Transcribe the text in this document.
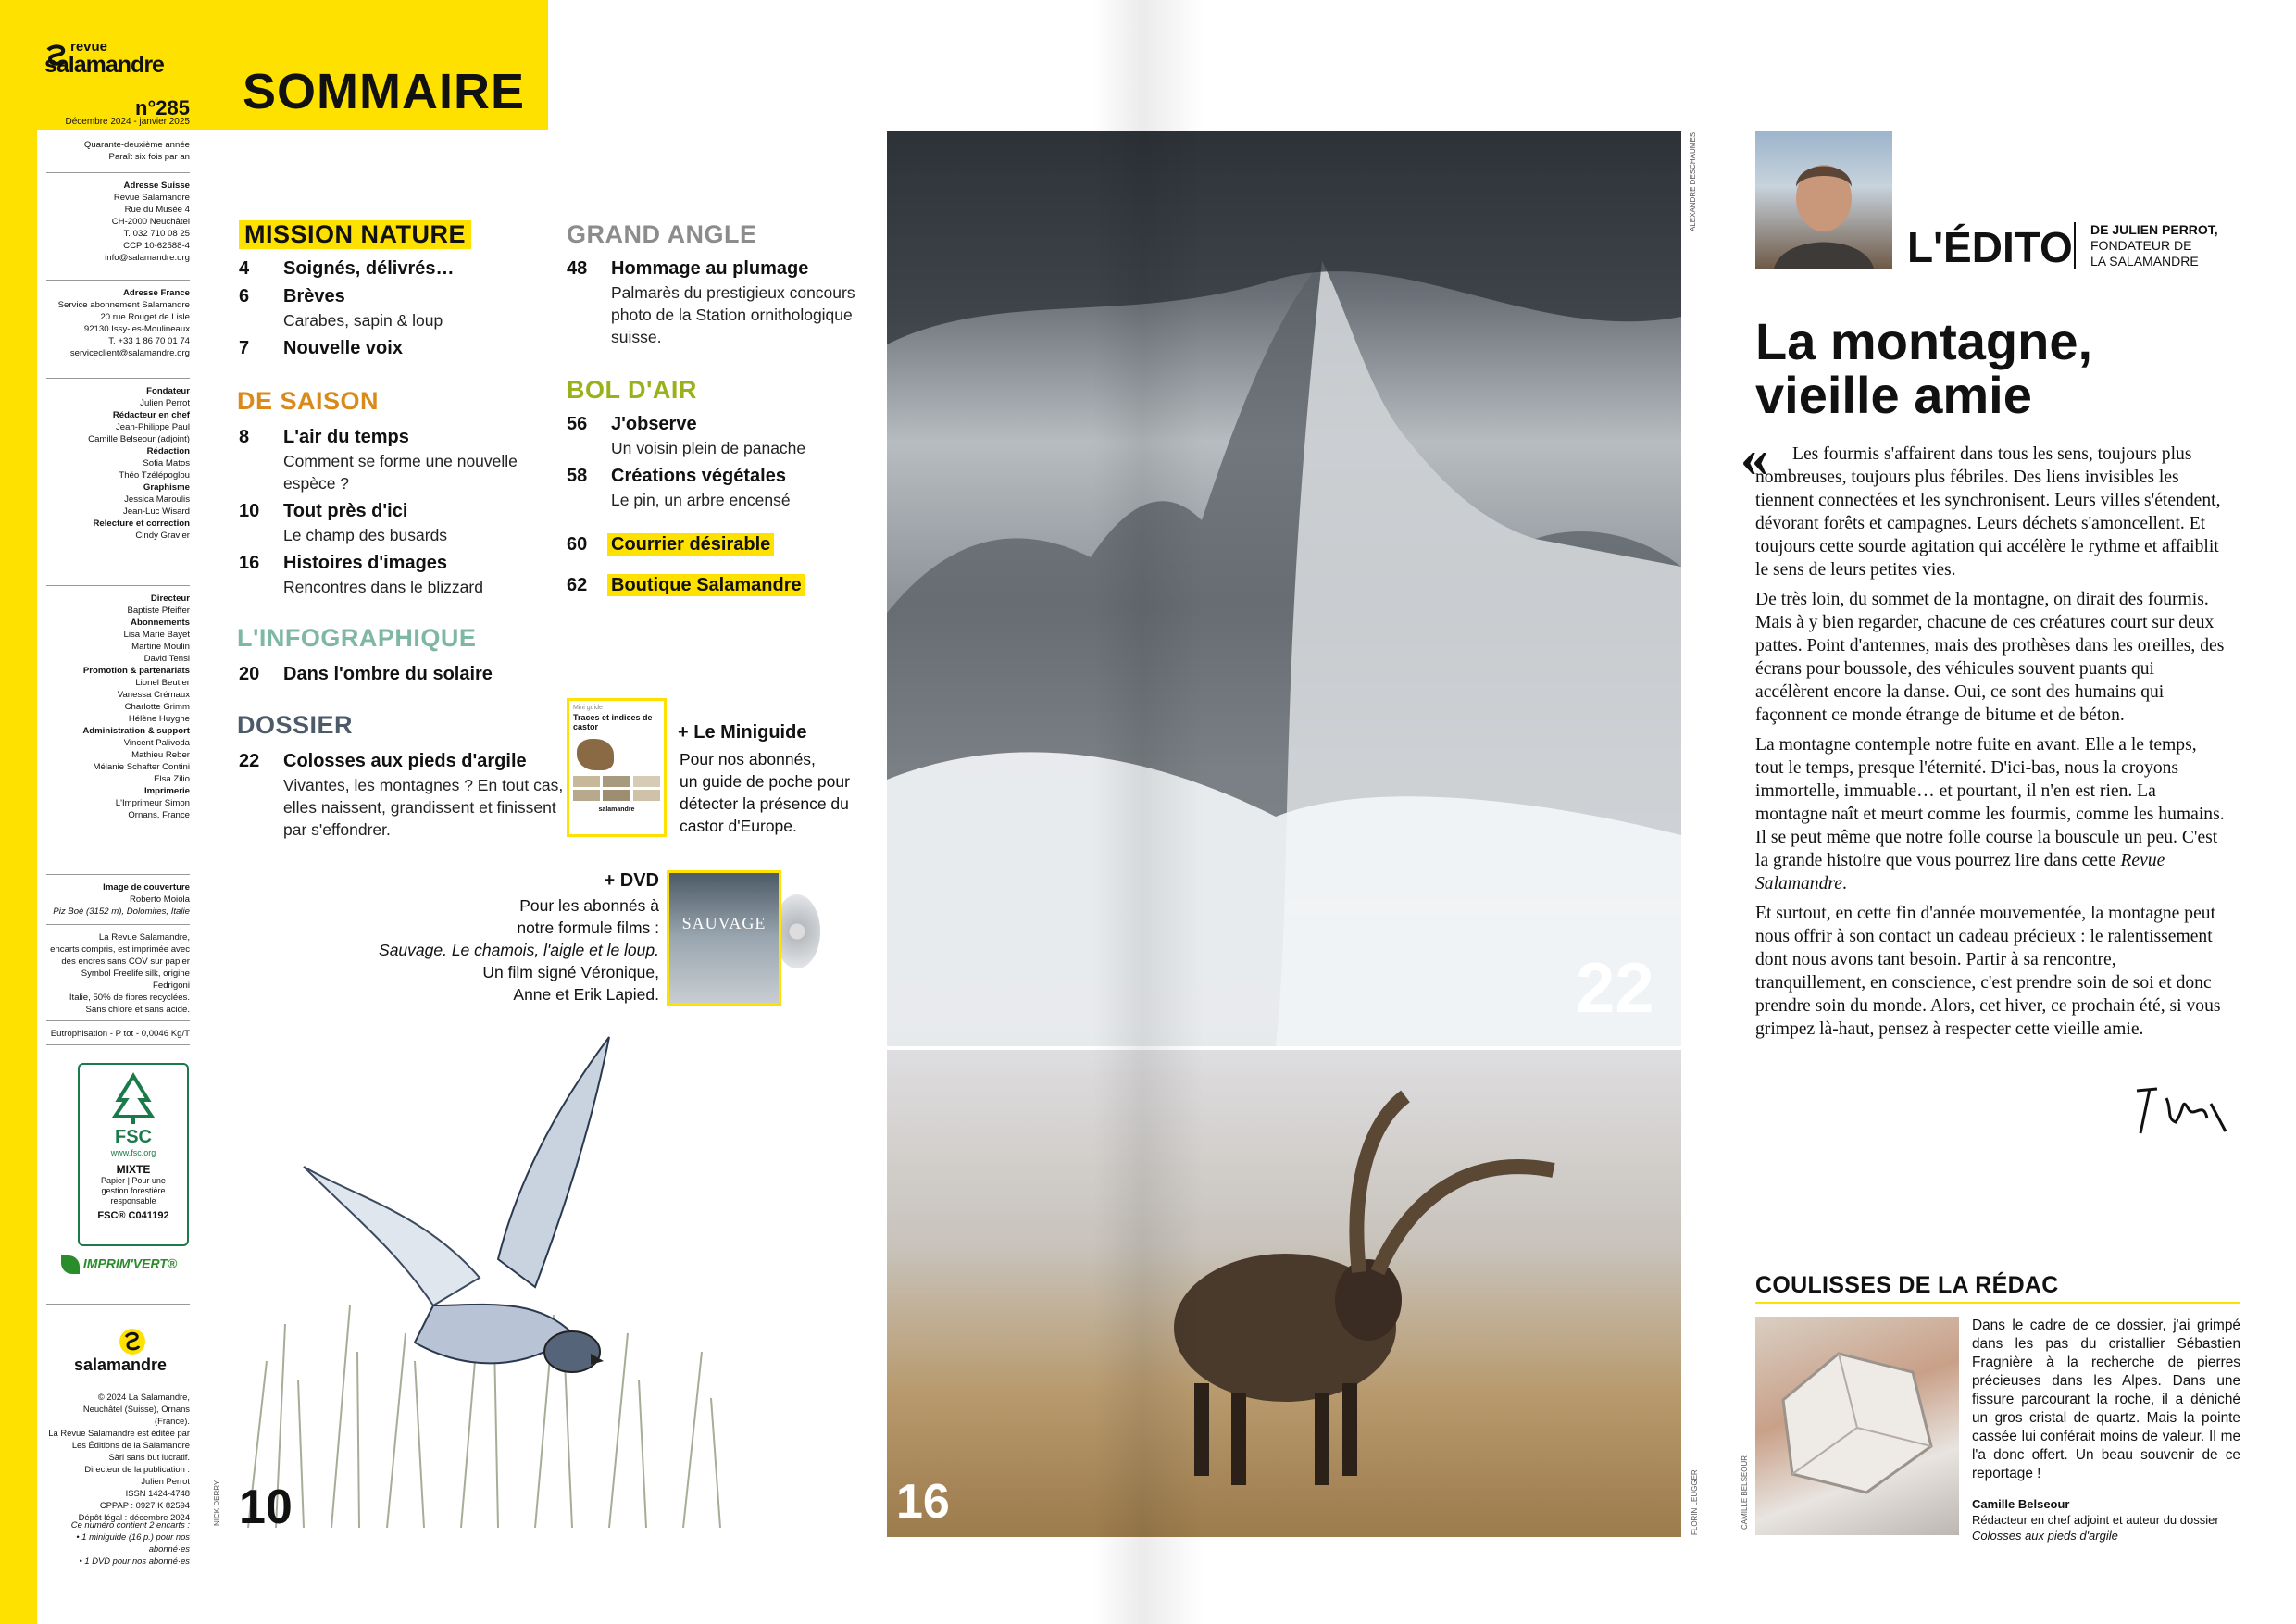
revue
salamandre
n°285
Décembre 2024 - janvier 2025
SOMMAIRE
Quarante-deuxième année
Paraît six fois par an
Adresse Suisse
Revue Salamandre
Rue du Musée 4
CH-2000 Neuchâtel
T. 032 710 08 25
CCP 10-62588-4
info@salamandre.org
Adresse France
Service abonnement Salamandre
20 rue Rouget de Lisle
92130 Issy-les-Moulineaux
T. +33 1 86 70 01 74
serviceclient@salamandre.org
Fondateur
Julien Perrot
Rédacteur en chef
Jean-Philippe Paul
Camille Belseour (adjoint)
Rédaction
Sofia Matos
Théo Tzélépoglou
Graphisme
Jessica Maroulis
Jean-Luc Wisard
Relecture et correction
Cindy Gravier
Directeur
Baptiste Pfeiffer
Abonnements
Lisa Marie Bayet
Martine Moulin
David Tensi
Promotion & partenariats
Lionel Beutler
Vanessa Crémaux
Charlotte Grimm
Hélène Huyghe
Administration & support
Vincent Palivoda
Mathieu Reber
Mélanie Schafter Contini
Elsa Zilio
Imprimerie
L'Imprimeur Simon
Ornans, France
Image de couverture
Roberto Moiola
Piz Boè (3152 m), Dolomites, Italie
La Revue Salamandre,
encarts compris, est imprimée avec
des encres sans COV sur papier
Symbol Freelife silk, origine Fedrigoni
Italie, 50% de fibres recyclées.
Sans chlore et sans acide.
Eutrophisation - P tot - 0,0046 Kg/T
FSC
www.fsc.org
MIXTE
Papier | Pour une
gestion forestière
responsable
FSC® C041192
IMPRIM'VERT®
salamandre
© 2024 La Salamandre,
Neuchâtel (Suisse), Ornans (France).
La Revue Salamandre est éditée par
Les Éditions de la Salamandre
Sàrl sans but lucratif.
Directeur de la publication :
Julien Perrot
ISSN 1424-4748
CPPAP : 0927 K 82594
Dépôt légal : décembre 2024
Ce numéro contient 2 encarts :
• 1 miniguide (16 p.) pour nos abonné·es
• 1 DVD pour nos abonné·es
MISSION NATURE
4 Soignés, délivrés…
6 Brèves
Carabes, sapin & loup
7 Nouvelle voix
DE SAISON
8 L'air du temps
Comment se forme une nouvelle
espèce ?
10 Tout près d'ici
Le champ des busards
16 Histoires d'images
Rencontres dans le blizzard
L'INFOGRAPHIQUE
20 Dans l'ombre du solaire
DOSSIER
22 Colosses aux pieds d'argile
Vivantes, les montagnes ? En tout cas,
elles naissent, grandissent et finissent
par s'effondrer.
GRAND ANGLE
48 Hommage au plumage
Palmarès du prestigieux concours
photo de la Station ornithologique
suisse.
BOL D'AIR
56 J'observe
Un voisin plein de panache
58 Créations végétales
Le pin, un arbre encensé
60 Courrier désirable
62 Boutique Salamandre
Mini guide
Traces et indices de castor
salamandre
+ Le Miniguide
Pour nos abonnés,
un guide de poche pour
détecter la présence du
castor d'Europe.
+ DVD
Pour les abonnés à
notre formule films :
Sauvage. Le chamois, l'aigle et le loup.
Un film signé Véronique,
Anne et Erik Lapied.
SAUVAGE
NICK DERRY 10
22
ALEXANDRE DESCHAUMES
16	FLORIN LEUGGER
L'ÉDITO DE JULIEN PERROT,
FONDATEUR DE
LA SALAMANDRE
La montagne,
vieille amie
«	Les fourmis s'affairent dans tous les sens, toujours plus nombreuses, toujours plus fébriles. Des liens invisibles les tiennent connectées et les synchronisent. Leurs villes s'étendent, dévorant forêts et campagnes. Leurs déchets s'amoncellent. Et toujours cette sourde agitation qui accélère le rythme et affaiblit le sens de leurs petites vies.

De très loin, du sommet de la montagne, on dirait des fourmis. Mais à y bien regarder, chacune de ces créatures court sur deux pattes. Point d'antennes, mais des prothèses dans les oreilles, des écrans pour boussole, des véhicules souvent puants qui accélèrent encore la danse. Oui, ce sont des humains qui façonnent ce monde étrange de bitume et de béton.

La montagne contemple notre fuite en avant. Elle a le temps, tout le temps, presque l'éternité. D'ici-bas, nous la croyons immortelle, immuable… et pourtant, il n'en est rien. La montagne naît et meurt comme les fourmis, comme les humains. Il se peut même que notre folle course la bouscule un peu. C'est la grande histoire que vous pourrez lire dans cette Revue Salamandre.

Et surtout, en cette fin d'année mouvementée, la montagne peut nous offrir à son contact un cadeau précieux : le ralentissement dont nous avons tant besoin. Partir à sa rencontre, tranquillement, en conscience, c'est prendre soin de soi et donc prendre soin du monde. Alors, cet hiver, ce prochain été, si vous grimpez là-haut, pensez à respecter cette vieille amie.

COULISSES DE LA RÉDAC
CAMILLE BELSEOUR
Dans le cadre de ce dossier, j'ai grimpé dans les pas du cristallier Sébastien Fragnière à la recherche de pierres précieuses dans les Alpes. Dans une fissure parcourant la roche, il a déniché un gros cristal de quartz. Mais la pointe cassée lui conférait moins de valeur. Il me l'a donc offert. Un beau souvenir de ce reportage !
Camille Belseour
Rédacteur en chef adjoint et auteur du dossier
Colosses aux pieds d'argile
